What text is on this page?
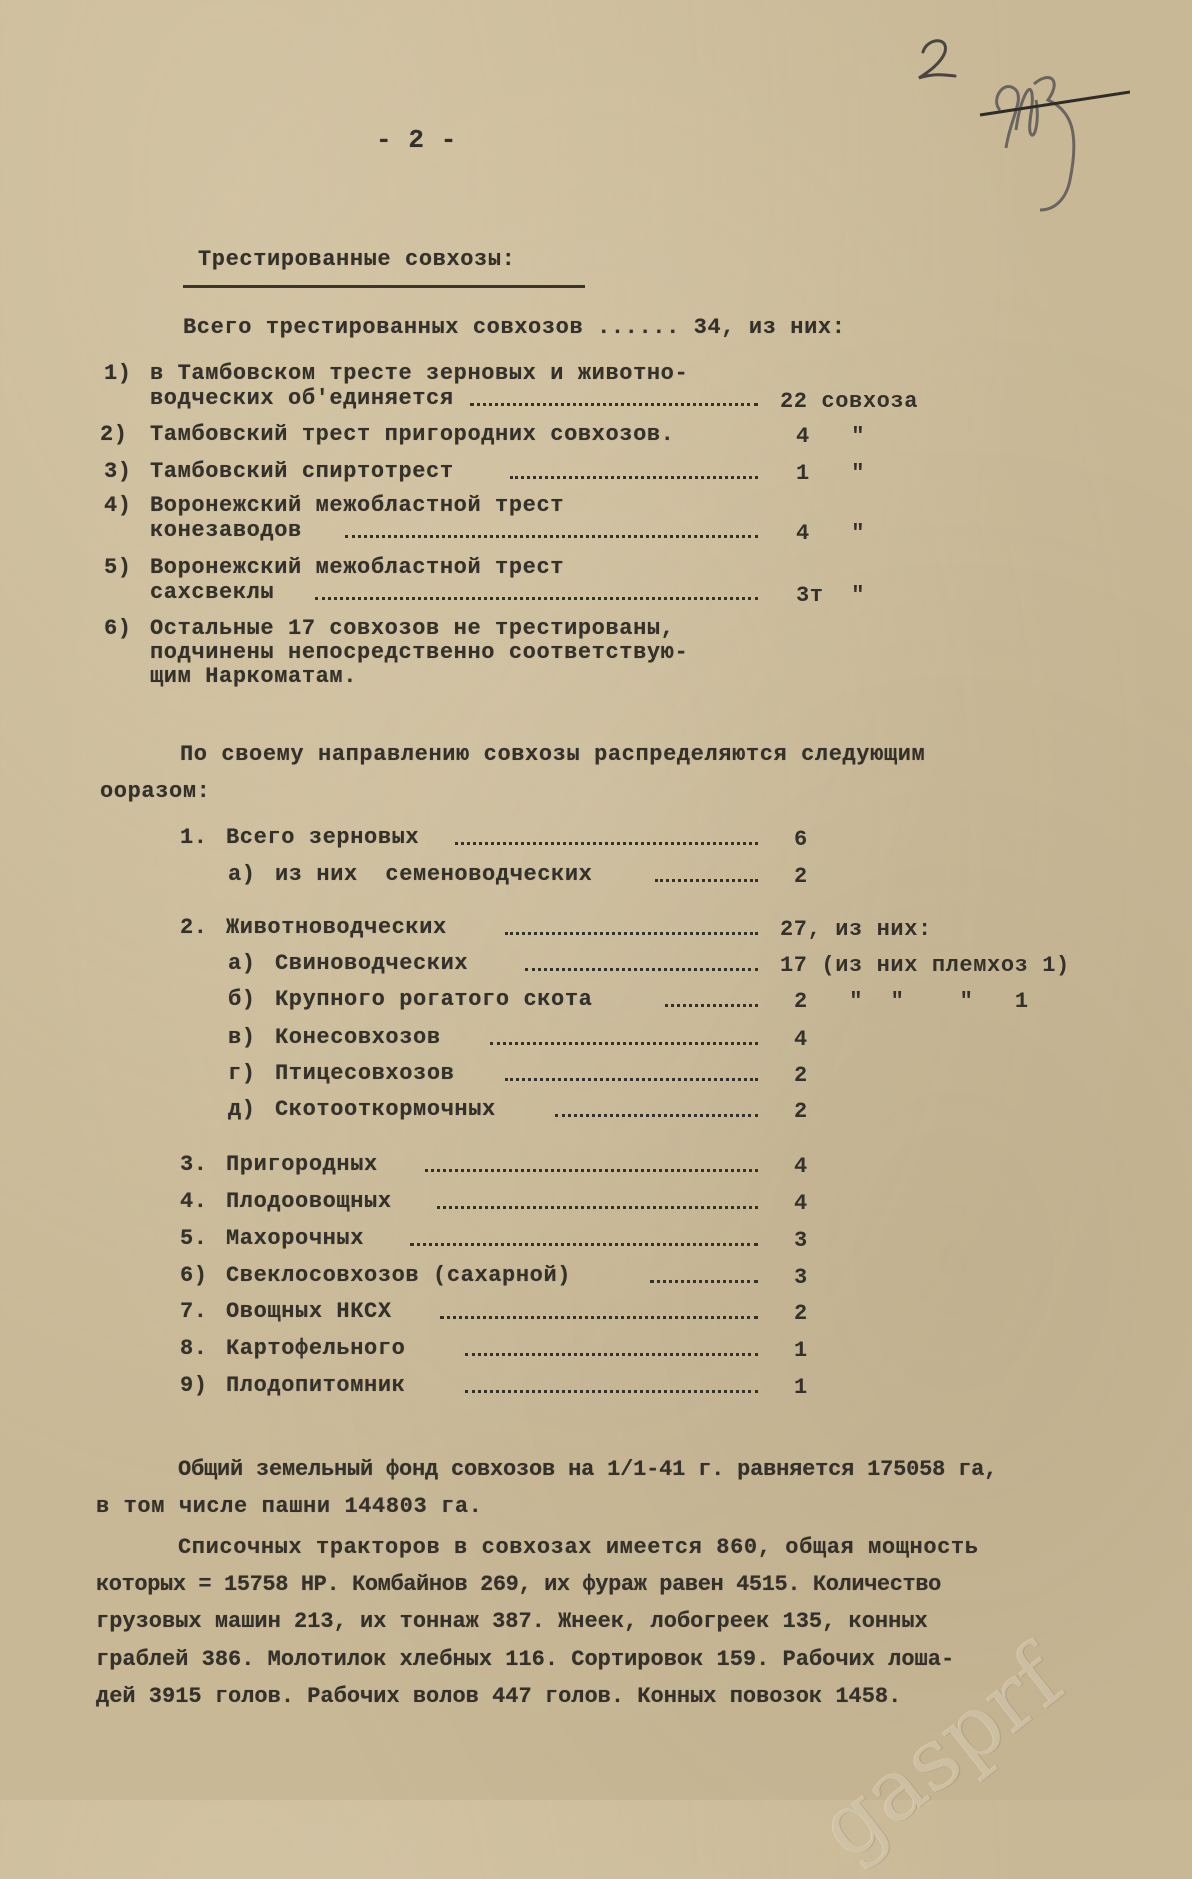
gasprf
- 2 -
Трестированные совхозы:
Всего трестированных совхозов ...... 34, из них:
1) в Тамбовском тресте зерновых и животно-
водческих об'единяется	22 совхоза
2) Тамбовский трест пригородних совхозов.	4   "
3) Тамбовский спиртотрест	1   "
4) Воронежский межобластной трест
конезаводов	4   "
5) Воронежский межобластной трест
сахсвеклы	3т  "
6) Остальные 17 совхозов не трестированы,
подчинены непосредственно соответствую-
щим Наркоматам.
По своему направлению совхозы распределяются следующим
ооразом:
1. Всего зерновых	6
а) из них  семеноводческих	2
2. Животноводческих	27, из них:
а) Свиноводческих	17 (из них племхоз 1)
б) Крупного рогатого скота	2   "  "    "   1
в) Конесовхозов	4
г) Птицесовхозов	2
д) Скотооткормочных	2
3. Пригородных	4
4. Плодоовощных	4
5. Махорочных	3
6) Свеклосовхозов (сахарной)	3
7. Овощных НКСХ	2
8. Картофельного	1
9) Плодопитомник	1
Общий земельный фонд совхозов на 1/1-41 г. равняется 175058 га,
в том числе пашни 144803 га.
Списочных тракторов в совхозах имеется 860, общая мощность
которых = 15758 НР. Комбайнов 269, их фураж равен 4515. Количество
грузовых машин 213, их тоннаж 387. Жнеек, лобогреек 135, конных
граблей 386. Молотилок хлебных 116. Сортировок 159. Рабочих лоша-
дей 3915 голов. Рабочих волов 447 голов. Конных повозок 1458.
